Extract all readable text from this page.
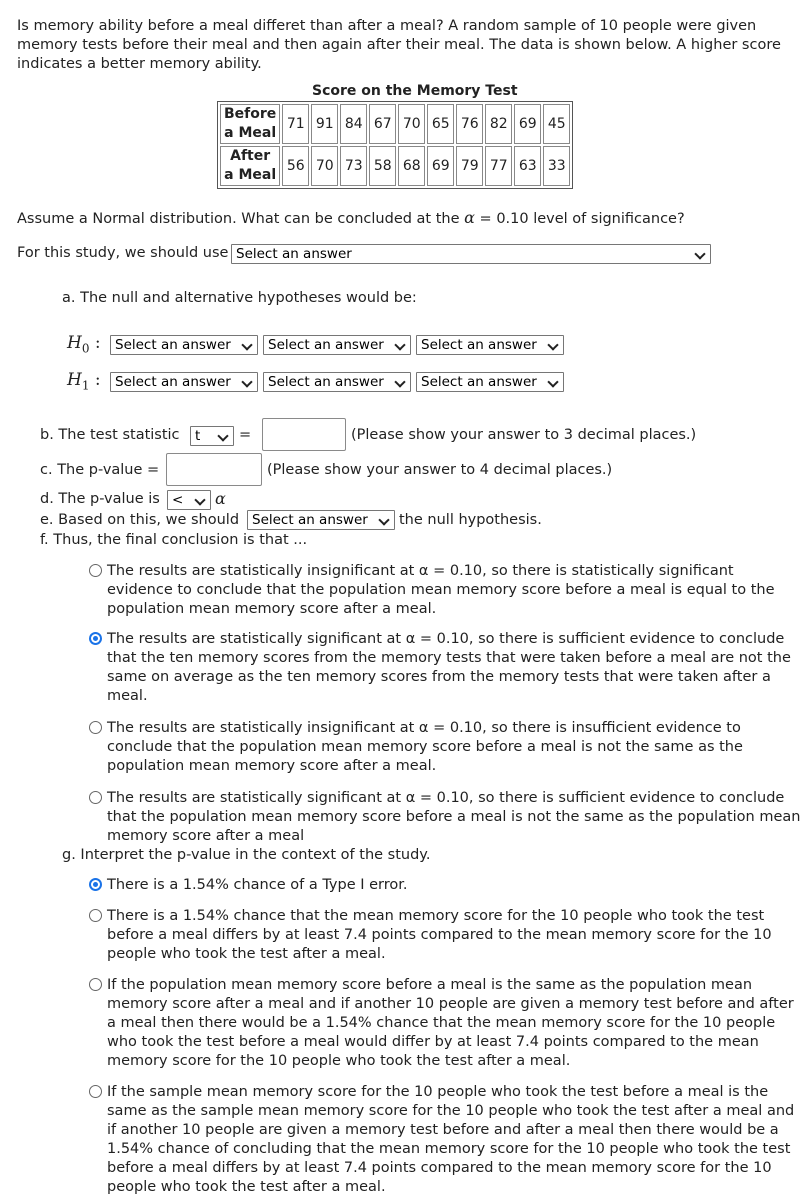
Is memory ability before a meal differet than after a meal? A random sample of 10 people were given
memory tests before their meal and then again after their meal. The data is shown below. A higher score
indicates a better memory ability.
Score on the Memory Test
Before
a Meal	71	91	84	67	70	65	76	82	69	45

After
a Meal	56	70	73	58	68	69	79	77	63	33
Assume a Normal distribution. What can be concluded at the α = 0.10 level of significance?
For this study, we should use Select an answer
a. The null and alternative hypotheses would be:
$H_0$ :	Select an answer	Select an answer	Select an answer
$H_1$ :	Select an answer	Select an answer	Select an answer
b. The test statistic	t	=	(Please show your answer to 3 decimal places.)
c. The p-value =	(Please show your answer to 4 decimal places.)
d. The p-value is <	α
e. Based on this, we should Select an answer	the null hypothesis.
f. Thus, the final conclusion is that ...
The results are statistically insignificant at α = 0.10, so there is statistically significant
evidence to conclude that the population mean memory score before a meal is equal to the
population mean memory score after a meal.
The results are statistically significant at α = 0.10, so there is sufficient evidence to conclude
that the ten memory scores from the memory tests that were taken before a meal are not the
same on average as the ten memory scores from the memory tests that were taken after a
meal.
The results are statistically insignificant at α = 0.10, so there is insufficient evidence to
conclude that the population mean memory score before a meal is not the same as the
population mean memory score after a meal.
The results are statistically significant at α = 0.10, so there is sufficient evidence to conclude
that the population mean memory score before a meal is not the same as the population mean
memory score after a meal
g. Interpret the p-value in the context of the study.
There is a 1.54% chance of a Type I error.
There is a 1.54% chance that the mean memory score for the 10 people who took the test
before a meal differs by at least 7.4 points compared to the mean memory score for the 10
people who took the test after a meal.
If the population mean memory score before a meal is the same as the population mean
memory score after a meal and if another 10 people are given a memory test before and after
a meal then there would be a 1.54% chance that the mean memory score for the 10 people
who took the test before a meal would differ by at least 7.4 points compared to the mean
memory score for the 10 people who took the test after a meal.
If the sample mean memory score for the 10 people who took the test before a meal is the
same as the sample mean memory score for the 10 people who took the test after a meal and
if another 10 people are given a memory test before and after a meal then there would be a
1.54% chance of concluding that the mean memory score for the 10 people who took the test
before a meal differs by at least 7.4 points compared to the mean memory score for the 10
people who took the test after a meal.
